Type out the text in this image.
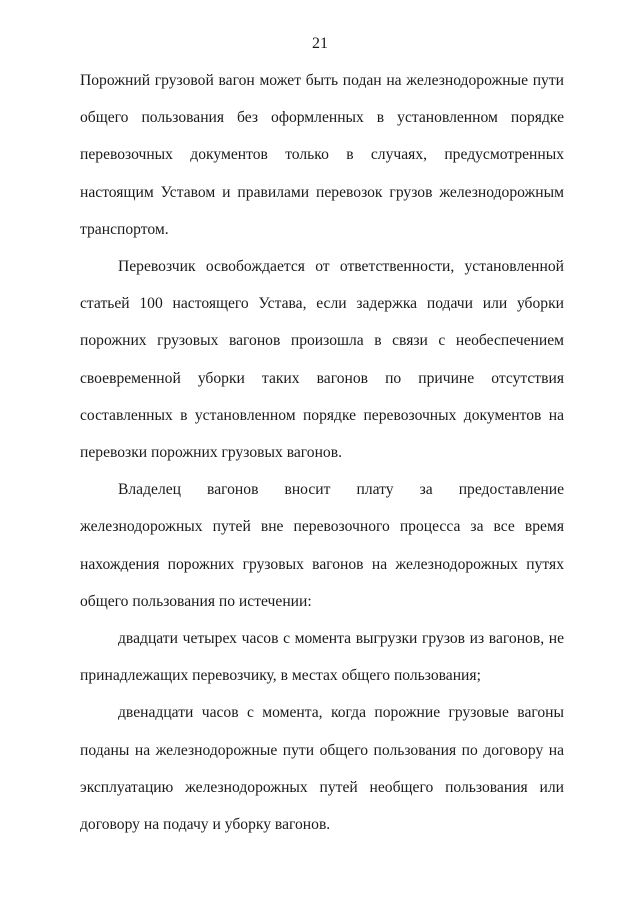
21

Порожний грузовой вагон может быть подан на железнодорожные пути общего пользования без оформленных в установленном порядке перевозочных документов только в случаях, предусмотренных настоящим Уставом и правилами перевозок грузов железнодорожным транспортом.

Перевозчик освобождается от ответственности, установленной статьей 100 настоящего Устава, если задержка подачи или уборки порожних грузовых вагонов произошла в связи с необеспечением своевременной уборки таких вагонов по причине отсутствия составленных в установленном порядке перевозочных документов на перевозки порожних грузовых вагонов.

Владелец вагонов вносит плату за предоставление железнодорожных путей вне перевозочного процесса за все время нахождения порожних грузовых вагонов на железнодорожных путях общего пользования по истечении:

двадцати четырех часов с момента выгрузки грузов из вагонов, не принадлежащих перевозчику, в местах общего пользования;

двенадцати часов с момента, когда порожние грузовые вагоны поданы на железнодорожные пути общего пользования по договору на эксплуатацию железнодорожных путей необщего пользования или договору на подачу и уборку вагонов.
